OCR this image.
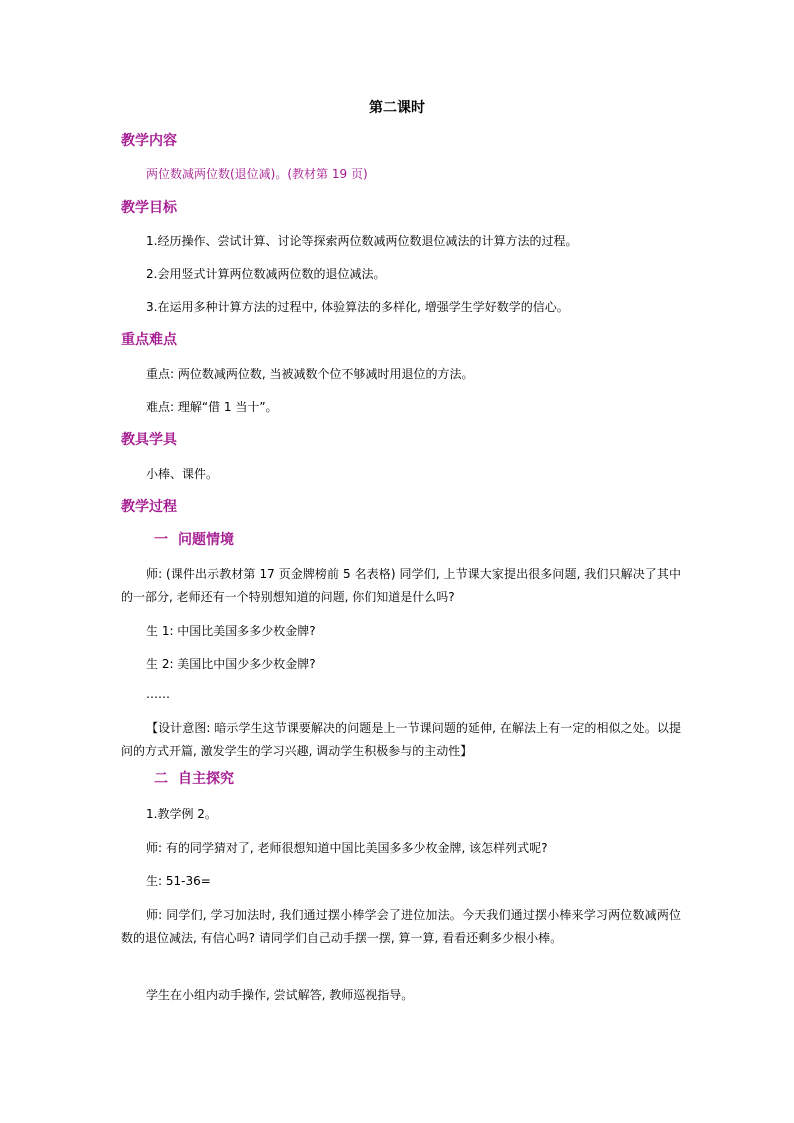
第二课时
教学内容
两位数减两位数(退位减)。(教材第 19 页)
教学目标
1.经历操作、尝试计算、讨论等探索两位数减两位数退位减法的计算方法的过程。
2.会用竖式计算两位数减两位数的退位减法。
3.在运用多种计算方法的过程中, 体验算法的多样化, 增强学生学好数学的信心。
重点难点
重点: 两位数减两位数, 当被减数个位不够减时用退位的方法。
难点: 理解“借 1 当十”。
教具学具
小棒、课件。
教学过程
一 问题情境
师: (课件出示教材第 17 页金牌榜前 5 名表格) 同学们, 上节课大家提出很多问题, 我们只解决了其中的一部分, 老师还有一个特别想知道的问题, 你们知道是什么吗?
生 1: 中国比美国多多少枚金牌?
生 2: 美国比中国少多少枚金牌?
……
【设计意图: 暗示学生这节课要解决的问题是上一节课问题的延伸, 在解法上有一定的相似之处。以提问的方式开篇, 激发学生的学习兴趣, 调动学生积极参与的主动性】
二 自主探究
1.教学例 2。
师: 有的同学猜对了, 老师很想知道中国比美国多多少枚金牌, 该怎样列式呢?
生: 51-36=
师: 同学们, 学习加法时, 我们通过摆小棒学会了进位加法。今天我们通过摆小棒来学习两位数减两位数的退位减法, 有信心吗? 请同学们自己动手摆一摆, 算一算, 看看还剩多少根小棒。
学生在小组内动手操作, 尝试解答, 教师巡视指导。
